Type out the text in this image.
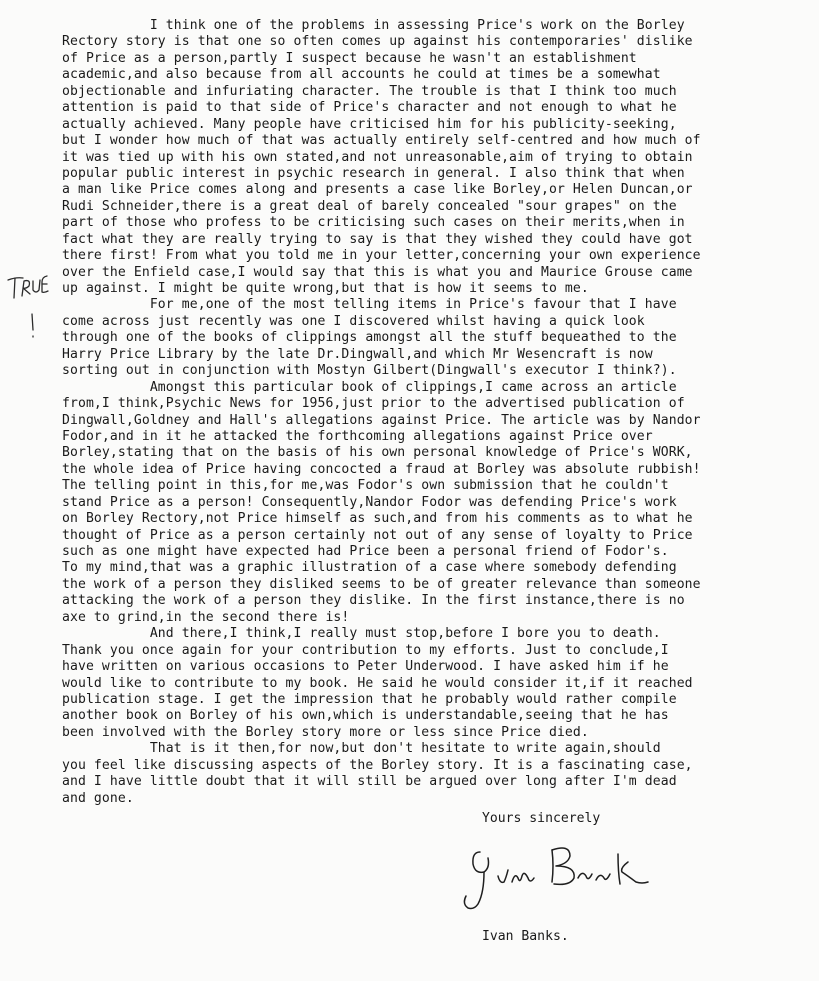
I think one of the problems in assessing Price's work on the Borley
Rectory story is that one so often comes up against his contemporaries' dislike
of Price as a person,partly I suspect because he wasn't an establishment
academic,and also because from all accounts he could at times be a somewhat
objectionable and infuriating character. The trouble is that I think too much
attention is paid to that side of Price's character and not enough to what he
actually achieved. Many people have criticised him for his publicity-seeking,
but I wonder how much of that was actually entirely self-centred and how much of
it was tied up with his own stated,and not unreasonable,aim of trying to obtain
popular public interest in psychic research in general. I also think that when
a man like Price comes along and presents a case like Borley,or Helen Duncan,or
Rudi Schneider,there is a great deal of barely concealed "sour grapes" on the
part of those who profess to be criticising such cases on their merits,when in
fact what they are really trying to say is that they wished they could have got
there first! From what you told me in your letter,concerning your own experience
over the Enfield case,I would say that this is what you and Maurice Grouse came
up against. I might be quite wrong,but that is how it seems to me.
For me,one of the most telling items in Price's favour that I have
come across just recently was one I discovered whilst having a quick look
through one of the books of clippings amongst all the stuff bequeathed to the
Harry Price Library by the late Dr.Dingwall,and which Mr Wesencraft is now
sorting out in conjunction with Mostyn Gilbert(Dingwall's executor I think?).
Amongst this particular book of clippings,I came across an article
from,I think,Psychic News for 1956,just prior to the advertised publication of
Dingwall,Goldney and Hall's allegations against Price. The article was by Nandor
Fodor,and in it he attacked the forthcoming allegations against Price over
Borley,stating that on the basis of his own personal knowledge of Price's WORK,
the whole idea of Price having concocted a fraud at Borley was absolute rubbish!
The telling point in this,for me,was Fodor's own submission that he couldn't
stand Price as a person! Consequently,Nandor Fodor was defending Price's work
on Borley Rectory,not Price himself as such,and from his comments as to what he
thought of Price as a person certainly not out of any sense of loyalty to Price
such as one might have expected had Price been a personal friend of Fodor's.
To my mind,that was a graphic illustration of a case where somebody defending
the work of a person they disliked seems to be of greater relevance than someone
attacking the work of a person they dislike. In the first instance,there is no
axe to grind,in the second there is!
And there,I think,I really must stop,before I bore you to death.
Thank you once again for your contribution to my efforts. Just to conclude,I
have written on various occasions to Peter Underwood. I have asked him if he
would like to contribute to my book. He said he would consider it,if it reached
publication stage. I get the impression that he probably would rather compile
another book on Borley of his own,which is understandable,seeing that he has
been involved with the Borley story more or less since Price died.
That is it then,for now,but don't hesitate to write again,should
you feel like discussing aspects of the Borley story. It is a fascinating case,
and I have little doubt that it will still be argued over long after I'm dead
and gone.
Yours sincerely
Ivan Banks.
